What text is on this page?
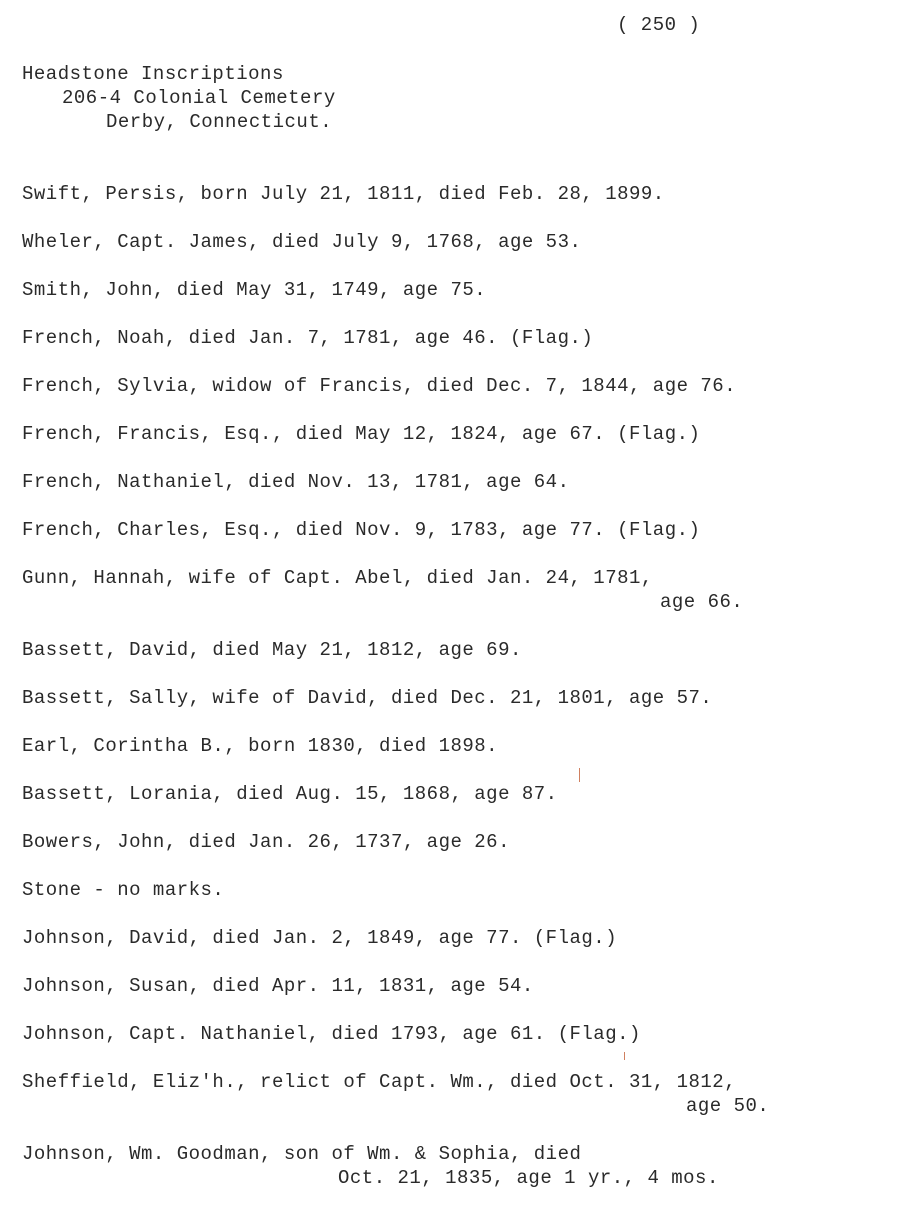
( 250 )
Headstone Inscriptions
206-4 Colonial Cemetery
Derby, Connecticut.
Swift, Persis, born July 21, 1811, died Feb. 28, 1899.
Wheler, Capt. James, died July 9, 1768, age 53.
Smith, John, died May 31, 1749, age 75.
French, Noah, died Jan. 7, 1781, age 46. (Flag.)
French, Sylvia, widow of Francis, died Dec. 7, 1844, age 76.
French, Francis, Esq., died May 12, 1824, age 67. (Flag.)
French, Nathaniel, died Nov. 13, 1781, age 64.
French, Charles, Esq., died Nov. 9, 1783, age 77. (Flag.)
Gunn, Hannah, wife of Capt. Abel, died Jan. 24, 1781,
age 66.
Bassett, David, died May 21, 1812, age 69.
Bassett, Sally, wife of David, died Dec. 21, 1801, age 57.
Earl, Corintha B., born 1830, died 1898.
Bassett, Lorania, died Aug. 15, 1868, age 87.
Bowers, John, died Jan. 26, 1737, age 26.
Stone - no marks.
Johnson, David, died Jan. 2, 1849, age 77. (Flag.)
Johnson, Susan, died Apr. 11, 1831, age 54.
Johnson, Capt. Nathaniel, died 1793, age 61. (Flag.)
Sheffield, Eliz'h., relict of Capt. Wm., died Oct. 31, 1812,
age 50.
Johnson, Wm. Goodman, son of Wm. & Sophia, died
Oct. 21, 1835, age 1 yr., 4 mos.
